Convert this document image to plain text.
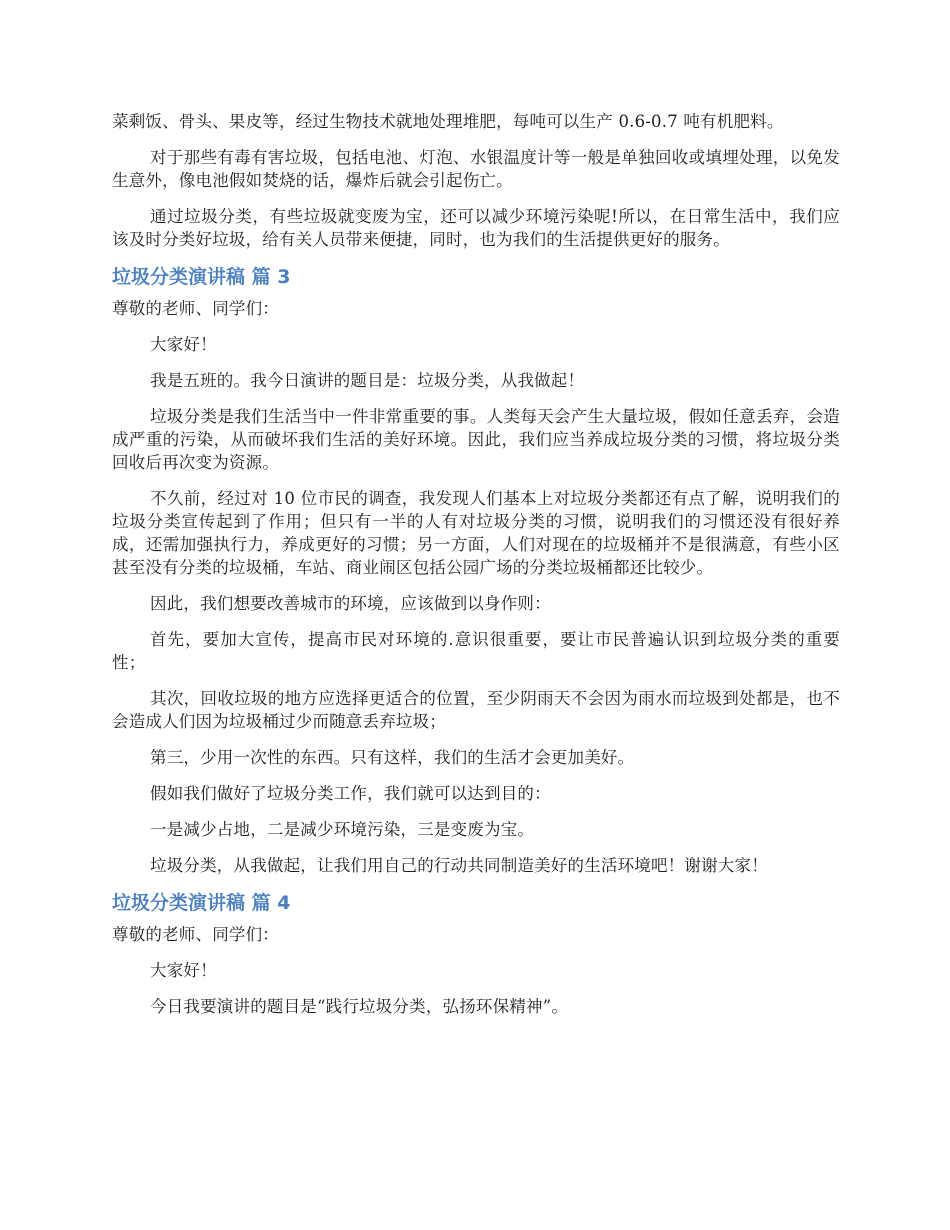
菜剩饭、骨头、果皮等，经过生物技术就地处理堆肥，每吨可以生产 0.6-0.7 吨有机肥料。

对于那些有毒有害垃圾，包括电池、灯泡、水银温度计等一般是单独回收或填埋处理，以免发生意外，像电池假如焚烧的话，爆炸后就会引起伤亡。

通过垃圾分类，有些垃圾就变废为宝，还可以减少环境污染呢!所以，在日常生活中，我们应该及时分类好垃圾，给有关人员带来便捷，同时，也为我们的生活提供更好的服务。

垃圾分类演讲稿 篇 3

尊敬的老师、同学们：

大家好！

我是五班的。我今日演讲的题目是：垃圾分类，从我做起！

垃圾分类是我们生活当中一件非常重要的事。人类每天会产生大量垃圾，假如任意丢弃，会造成严重的污染，从而破坏我们生活的美好环境。因此，我们应当养成垃圾分类的习惯，将垃圾分类回收后再次变为资源。

不久前，经过对 10 位市民的调查，我发现人们基本上对垃圾分类都还有点了解，说明我们的垃圾分类宣传起到了作用；但只有一半的人有对垃圾分类的习惯，说明我们的习惯还没有很好养成，还需加强执行力，养成更好的习惯；另一方面，人们对现在的垃圾桶并不是很满意，有些小区甚至没有分类的垃圾桶，车站、商业闹区包括公园广场的分类垃圾桶都还比较少。

因此，我们想要改善城市的环境，应该做到以身作则：

首先，要加大宣传，提高市民对环境的.意识很重要，要让市民普遍认识到垃圾分类的重要性；

其次，回收垃圾的地方应选择更适合的位置，至少阴雨天不会因为雨水而垃圾到处都是，也不会造成人们因为垃圾桶过少而随意丢弃垃圾；

第三，少用一次性的东西。只有这样，我们的生活才会更加美好。

假如我们做好了垃圾分类工作，我们就可以达到目的：

一是减少占地，二是减少环境污染，三是变废为宝。

垃圾分类，从我做起，让我们用自己的行动共同制造美好的生活环境吧！谢谢大家！

垃圾分类演讲稿 篇 4

尊敬的老师、同学们：

大家好！

今日我要演讲的题目是“践行垃圾分类，弘扬环保精神”。
